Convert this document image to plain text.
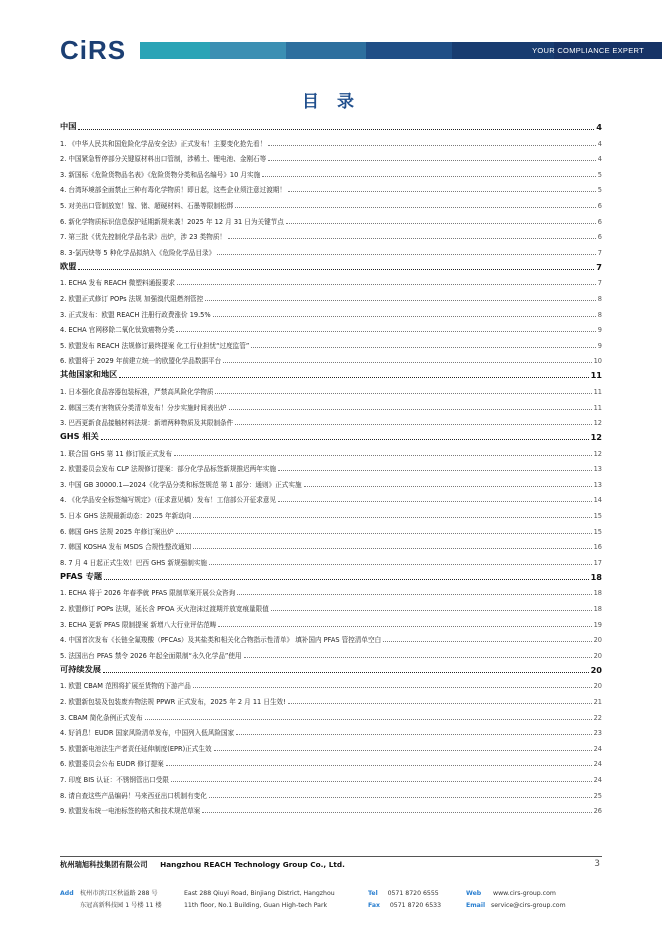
CiRS	YOUR COMPLIANCE EXPERT
目 录
中国	4
1. 《中华人民共和国危险化学品安全法》正式发布！主要变化抢先看！	4
2. 中国紧急暂停部分关键原材料出口管制，涉稀土、锂电池、金刚石等	4
3. 新国标《危险货物品名表》《危险货物分类和品名编号》10 月实施	5
4. 台湾环境部全面禁止三种有毒化学物质！即日起，这些企业须注意过渡期！	5
5. 对美出口管制放宽！镓、锗、超硬材料、石墨等限制松绑	6
6. 新化学物质标识信息保护延期新规来袭！2025 年 12 月 31 日为关键节点	6
7. 第三批《优先控制化学品名录》出炉，涉 23 类物质！	6
8. 3-氯丙炔等 5 种化学品拟纳入《危险化学品目录》	7
欧盟	7
1. ECHA 发布 REACH 微塑料通报要求	7
2. 欧盟正式修订 POPs 法规 加强溴代阻燃剂管控	8
3. 正式发布：欧盟 REACH 注册行政费涨价 19.5%	8
4. ECHA 官网移除二氧化钛致癌物分类	9
5. 欧盟发布 REACH 法规修订最终提案 化工行业担忧“过度监管”	9
6. 欧盟将于 2029 年前建立统一的欧盟化学品数据平台	10
其他国家和地区	11
1. 日本强化食品容器包装标准，严禁高风险化学物质	11
2. 韩国三类有害物质分类清单发布！分步实施时间表出炉	11
3. 巴西更新食品接触材料法规：新增两种物质及其限制条件	12
GHS 相关	12
1. 联合国 GHS 第 11 修订版正式发布	12
2. 欧盟委员会发布 CLP 法规修订提案：部分化学品标签新规推迟两年实施	13
3. 中国 GB 30000.1—2024《化学品分类和标签规范 第 1 部分：通则》正式实施	13
4. 《化学品安全标签编写规定》（征求意见稿）发布！工信部公开征求意见	14
5. 日本 GHS 法规最新动态：2025 年新动向	15
6. 韩国 GHS 法规 2025 年修订案出炉	15
7. 韩国 KOSHA 发布 MSDS 合规性整改通知	16
8. 7 月 4 日起正式生效！巴西 GHS 新规强制实施	17
PFAS 专题	18
1. ECHA 将于 2026 年春季就 PFAS 限制草案开展公众咨询	18
2. 欧盟修订 POPs 法规，延长含 PFOA 灭火泡沫过渡期并放宽痕量限值	18
3. ECHA 更新 PFAS 限制提案 新增八大行业评估范畴	19
4. 中国首次发布《长链全氟羧酸（PFCAs）及其盐类和相关化合物指示性清单》 填补国内 PFAS 管控清单空白	20
5. 法国出台 PFAS 禁令 2026 年起全面限制“永久化学品”使用	20
可持续发展	20
1. 欧盟 CBAM 范围将扩展至货物的下游产品	20
2. 欧盟新包装及包装废弃物法规 PPWR 正式发布，2025 年 2 月 11 日生效!	21
3. CBAM 简化条例正式发布	22
4. 好消息！EUDR 国家风险清单发布，中国列入低风险国家	23
5. 欧盟新电池法生产者责任延伸制度(EPR)正式生效	24
6. 欧盟委员会公布 EUDR 修订提案	24
7. 印度 BIS 认证：不锈钢管出口受限	24
8. 请自查这些产品编码！马来西亚出口机制有变化	25
9. 欧盟发布统一电池标签的格式和技术规范草案	26
杭州瑞旭科技集团有限公司 Hangzhou REACH Technology Group Co., Ltd.	3
Add 杭州市滨江区秋溢路 288 号
东冠高新科技园 1 号楼 11 楼
East 288 Qiuyi Road, Binjiang District, Hangzhou
11th floor, No.1 Building, Guan High-tech Park
Tel 0571 8720 6555
Fax 0571 8720 6533
Web www.cirs-group.com
Email service@cirs-group.com
